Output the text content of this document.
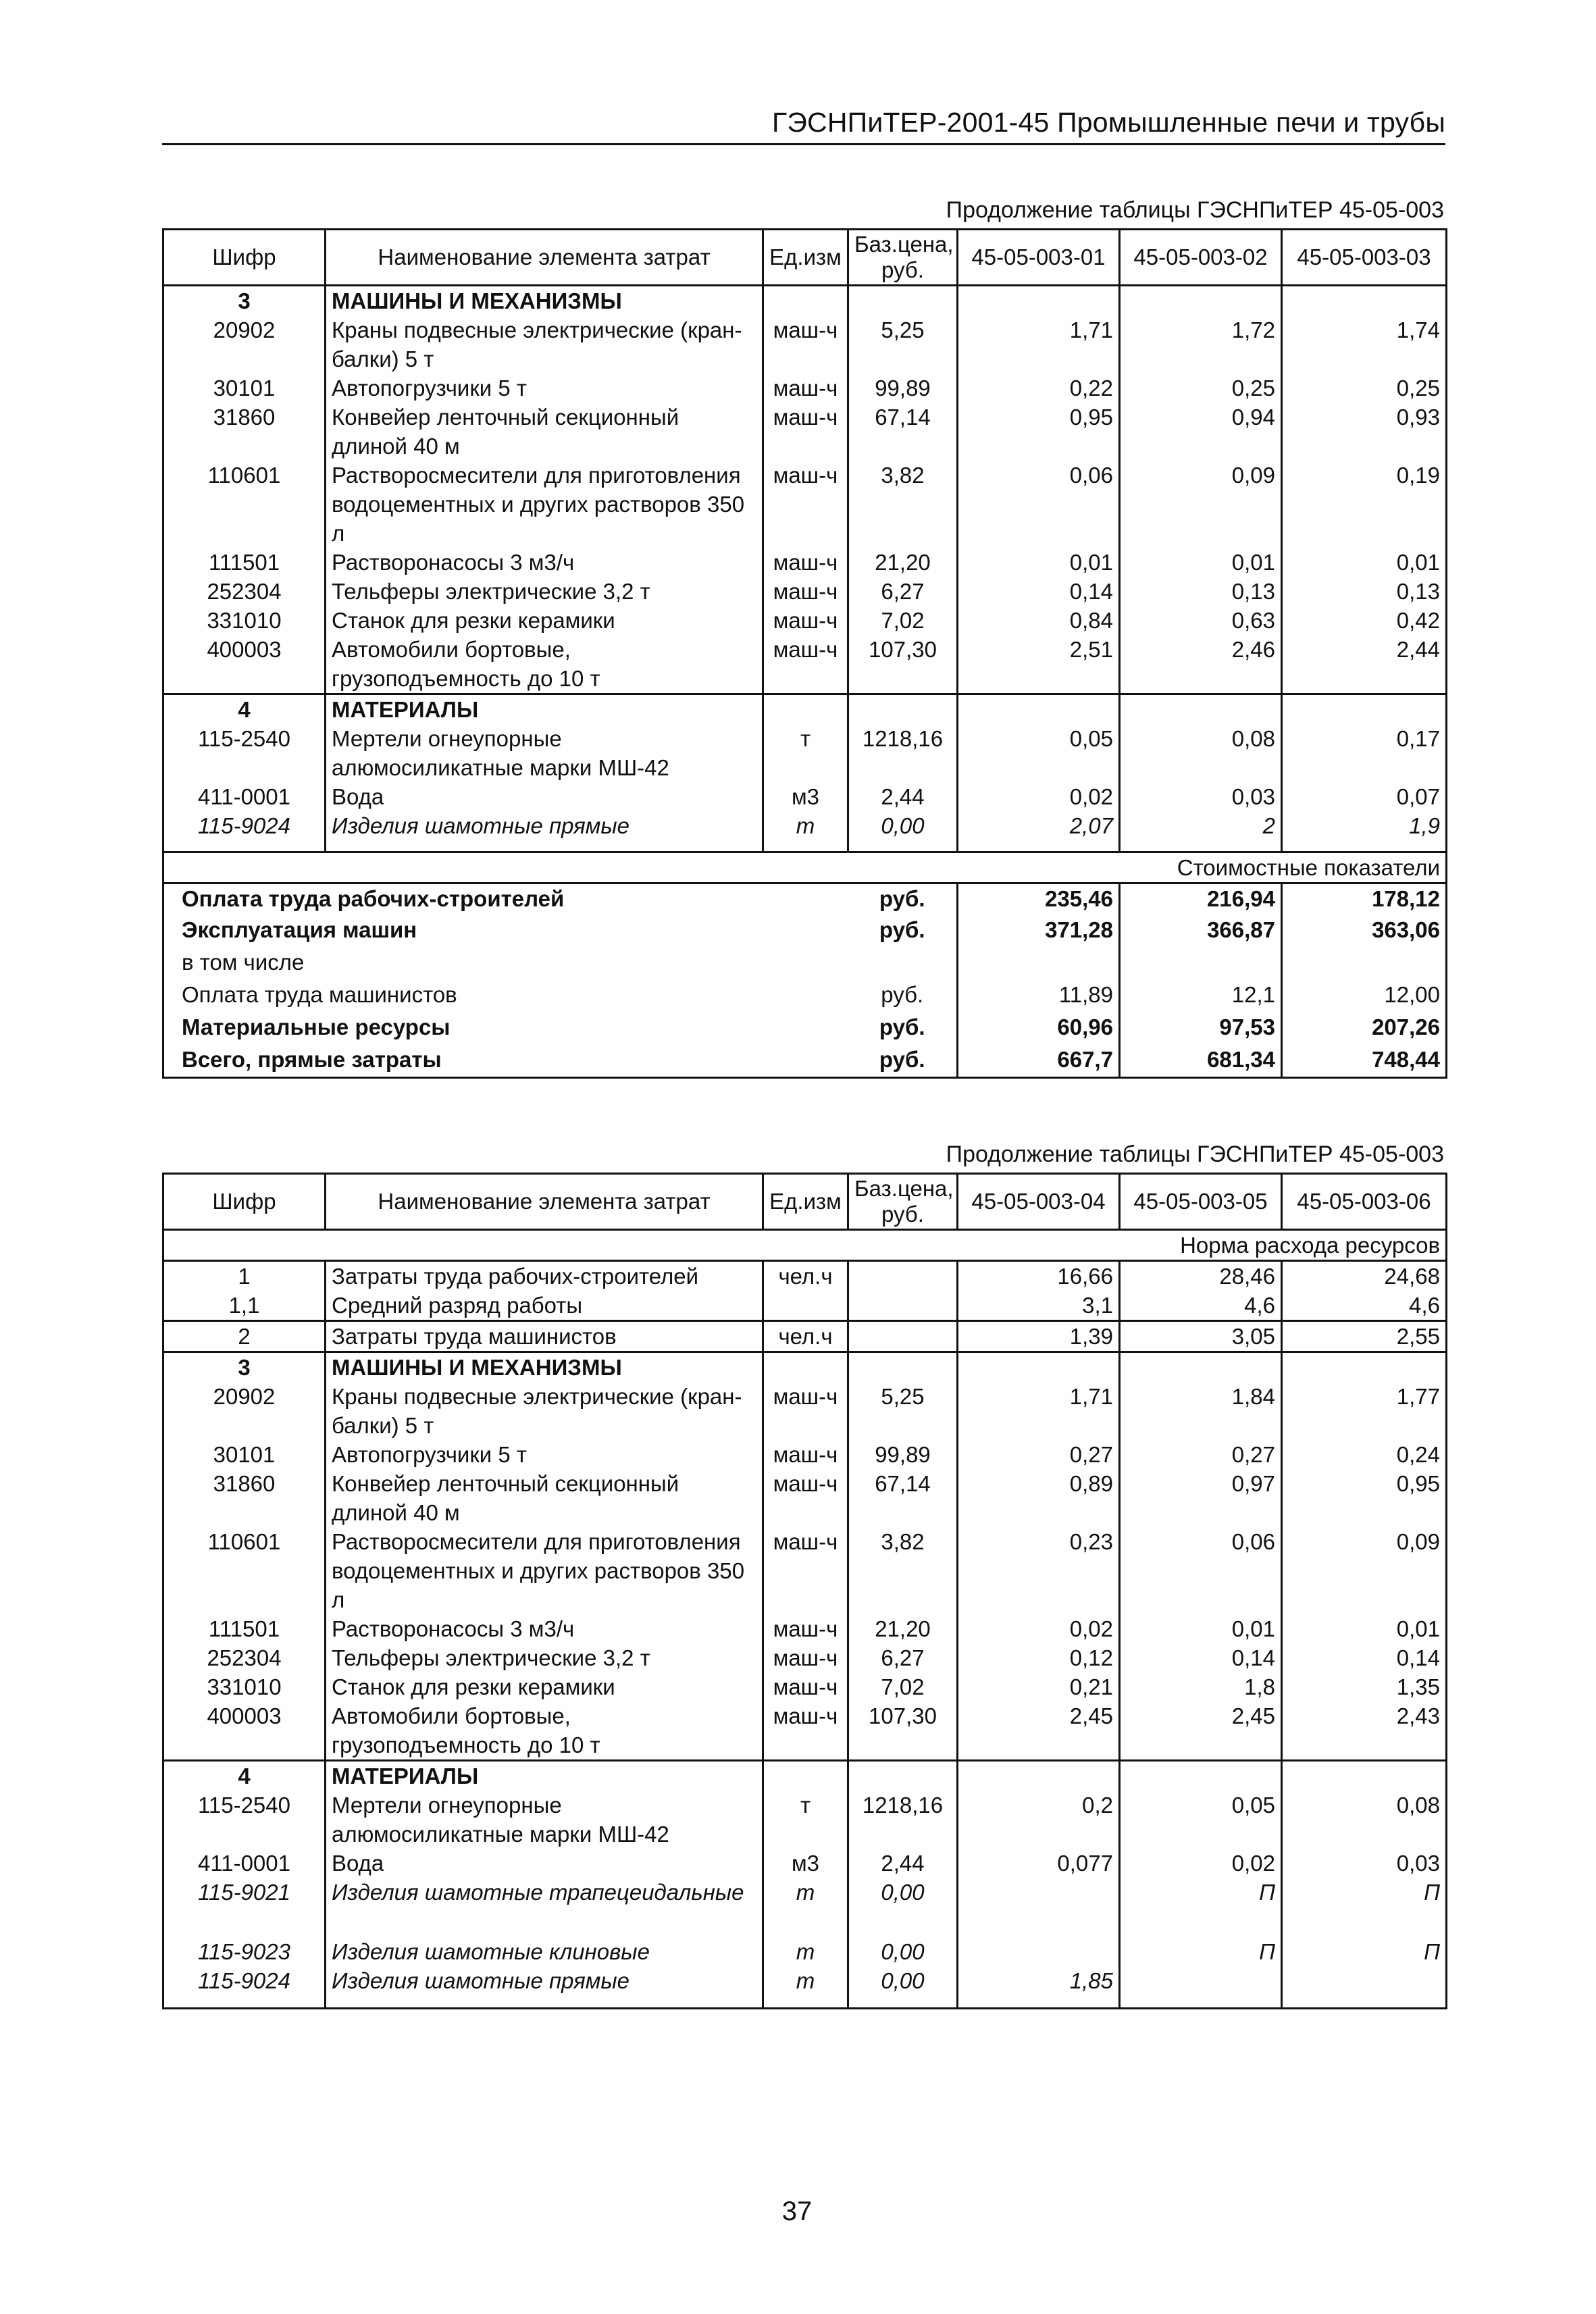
ГЭСНПиТЕР-2001-45 Промышленные печи и трубы
Продолжение таблицы ГЭСНПиТЕР 45-05-003
Шифр	Наименование элемента затрат	Ед.изм	Баз.цена, руб.	45-05-003-01	45-05-003-02	45-05-003-03
3	МАШИНЫ И МЕХАНИЗМЫ					
20902	Краны подвесные электрические (кран-балки) 5 т	маш-ч	5,25	1,71	1,72	1,74
30101	Автопогрузчики 5 т	маш-ч	99,89	0,22	0,25	0,25
31860	Конвейер ленточный секционный длиной 40 м	маш-ч	67,14	0,95	0,94	0,93
110601	Растворосмесители для приготовления водоцементных и других растворов 350 л	маш-ч	3,82	0,06	0,09	0,19
111501	Растворонасосы 3 м3/ч	маш-ч	21,20	0,01	0,01	0,01
252304	Тельферы электрические 3,2 т	маш-ч	6,27	0,14	0,13	0,13
331010	Станок для резки керамики	маш-ч	7,02	0,84	0,63	0,42
400003	Автомобили бортовые, грузоподъемность до 10 т	маш-ч	107,30	2,51	2,46	2,44
4	МАТЕРИАЛЫ					
115-2540	Мертели огнеупорные алюмосиликатные марки МШ-42	т	1218,16	0,05	0,08	0,17
411-0001	Вода	м3	2,44	0,02	0,03	0,07
115-9024	Изделия шамотные прямые	т	0,00	2,07	2	1,9
Стоимостные показатели						
Оплата труда рабочих-строителей			руб.	235,46	216,94	178,12
Эксплуатация машин			руб.	371,28	366,87	363,06
в том числе						
Оплата труда машинистов			руб.	11,89	12,1	12,00
Материальные ресурсы			руб.	60,96	97,53	207,26
Всего, прямые затраты			руб.	667,7	681,34	748,44
Продолжение таблицы ГЭСНПиТЕР 45-05-003
Шифр	Наименование элемента затрат	Ед.изм	Баз.цена, руб.	45-05-003-04	45-05-003-05	45-05-003-06
Норма расхода ресурсов						
1	Затраты труда рабочих-строителей	чел.ч		16,66	28,46	24,68
1,1	Средний разряд работы			3,1	4,6	4,6
2	Затраты труда машинистов	чел.ч		1,39	3,05	2,55
3	МАШИНЫ И МЕХАНИЗМЫ					
20902	Краны подвесные электрические (кран-балки) 5 т	маш-ч	5,25	1,71	1,84	1,77
30101	Автопогрузчики 5 т	маш-ч	99,89	0,27	0,27	0,24
31860	Конвейер ленточный секционный длиной 40 м	маш-ч	67,14	0,89	0,97	0,95
110601	Растворосмесители для приготовления водоцементных и других растворов 350 л	маш-ч	3,82	0,23	0,06	0,09
111501	Растворонасосы 3 м3/ч	маш-ч	21,20	0,02	0,01	0,01
252304	Тельферы электрические 3,2 т	маш-ч	6,27	0,12	0,14	0,14
331010	Станок для резки керамики	маш-ч	7,02	0,21	1,8	1,35
400003	Автомобили бортовые, грузоподъемность до 10 т	маш-ч	107,30	2,45	2,45	2,43
4	МАТЕРИАЛЫ					
115-2540	Мертели огнеупорные алюмосиликатные марки МШ-42	т	1218,16	0,2	0,05	0,08
411-0001	Вода	м3	2,44	0,077	0,02	0,03
115-9021	Изделия шамотные трапецеидальные	т	0,00		П	П
115-9023	Изделия шамотные клиновые	т	0,00		П	П
115-9024	Изделия шамотные прямые	т	0,00	1,85		
37
